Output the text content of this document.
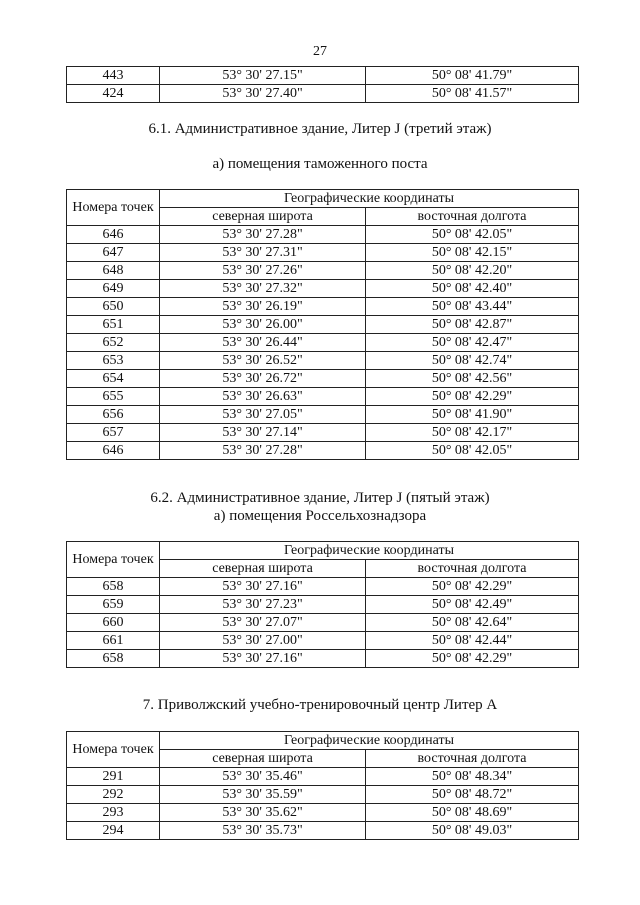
27
443	53° 30' 27.15"	50° 08' 41.79"
424	53° 30' 27.40"	50° 08' 41.57"
6.1. Административное здание, Литер J (третий этаж)
а) помещения таможенного поста
Номера точек	Географические координаты	
	северная широта	восточная долгота
646	53° 30' 27.28"	50° 08' 42.05"
647	53° 30' 27.31"	50° 08' 42.15"
648	53° 30' 27.26"	50° 08' 42.20"
649	53° 30' 27.32"	50° 08' 42.40"
650	53° 30' 26.19"	50° 08' 43.44"
651	53° 30' 26.00"	50° 08' 42.87"
652	53° 30' 26.44"	50° 08' 42.47"
653	53° 30' 26.52"	50° 08' 42.74"
654	53° 30' 26.72"	50° 08' 42.56"
655	53° 30' 26.63"	50° 08' 42.29"
656	53° 30' 27.05"	50° 08' 41.90"
657	53° 30' 27.14"	50° 08' 42.17"
646	53° 30' 27.28"	50° 08' 42.05"
6.2. Административное здание, Литер J (пятый этаж)
а) помещения Россельхознадзора
Номера точек	Географические координаты	
	северная широта	восточная долгота
658	53° 30' 27.16"	50° 08' 42.29"
659	53° 30' 27.23"	50° 08' 42.49"
660	53° 30' 27.07"	50° 08' 42.64"
661	53° 30' 27.00"	50° 08' 42.44"
658	53° 30' 27.16"	50° 08' 42.29"
7. Приволжский учебно-тренировочный центр Литер А
Номера точек	Географические координаты	
	северная широта	восточная долгота
291	53° 30' 35.46"	50° 08' 48.34"
292	53° 30' 35.59"	50° 08' 48.72"
293	53° 30' 35.62"	50° 08' 48.69"
294	53° 30' 35.73"	50° 08' 49.03"
